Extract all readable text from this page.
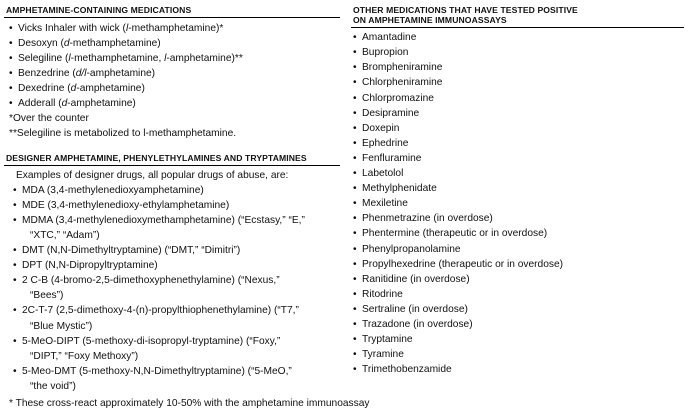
AMPHETAMINE-CONTAINING MEDICATIONS
• Vicks Inhaler with wick (l-methamphetamine)*
• Desoxyn (d-methamphetamine)
• Selegiline (l-methamphetamine, l-amphetamine)**
• Benzedrine (d/l-amphetamine)
• Dexedrine (d-amphetamine)
• Adderall (d-amphetamine)
*Over the counter
**Selegiline is metabolized to l-methamphetamine.
DESIGNER AMPHETAMINE, PHENYLETHYLAMINES AND TRYPTAMINES
Examples of designer drugs, all popular drugs of abuse, are:
• MDA (3,4-methylenedioxyamphetamine)
• MDE (3,4-methylenedioxy-ethylamphetamine)
• MDMA (3,4-methylenedioxymethamphetamine) (“Ecstasy,” “E,”
“XTC,” “Adam”)
• DMT (N,N-Dimethyltryptamine) (“DMT,” “Dimitri”)
• DPT (N,N-Dipropyltryptamine)
• 2 C-B (4-bromo-2,5-dimethoxyphenethylamine) (“Nexus,”
“Bees”)
• 2C-T-7 (2,5-dimethoxy-4-(n)-propylthiophenethylamine) (“T7,”
“Blue Mystic”)
• 5-MeO-DIPT (5-methoxy-di-isopropyl-tryptamine) (“Foxy,”
“DIPT,” “Foxy Methoxy”)
• 5-Meo-DMT (5-methoxy-N,N-Dimethyltryptamine) (“5-MeO,”
“the void”)
OTHER MEDICATIONS THAT HAVE TESTED POSITIVE
ON AMPHETAMINE IMMUNOASSAYS
• Amantadine
• Bupropion
• Brompheniramine
• Chlorpheniramine
• Chlorpromazine
• Desipramine
• Doxepin
• Ephedrine
• Fenfluramine
• Labetolol
• Methylphenidate
• Mexiletine
• Phenmetrazine (in overdose)
• Phentermine (therapeutic or in overdose)
• Phenylpropanolamine
• Propylhexedrine (therapeutic or in overdose)
• Ranitidine (in overdose)
• Ritodrine
• Sertraline (in overdose)
• Trazadone (in overdose)
• Tryptamine
• Tyramine
• Trimethobenzamide
* These cross-react approximately 10-50% with the amphetamine immunoassay
